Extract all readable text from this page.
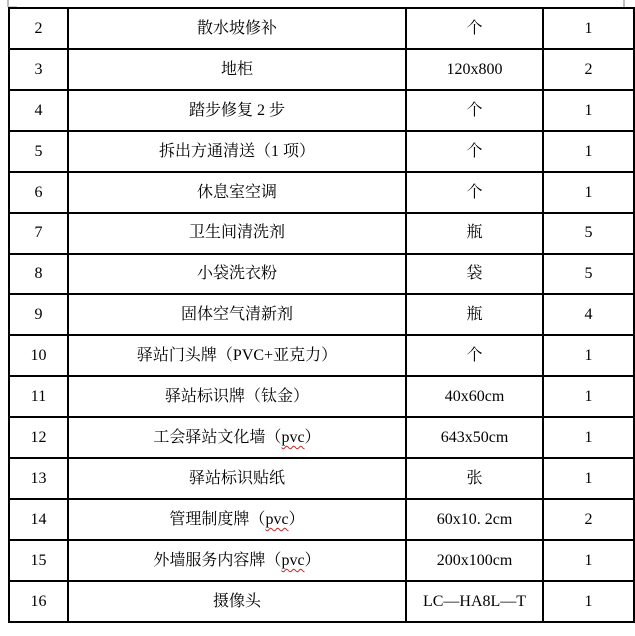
2	散水坡修补	个	1
3	地柜	120x800	2
4	踏步修复 2 步	个	1
5	拆出方通清送（1 项）	个	1
6	休息室空调	个	1
7	卫生间清洗剂	瓶	5
8	小袋洗衣粉	袋	5
9	固体空气清新剂	瓶	4
10	驿站门头牌（PVC+亚克力）	个	1
11	驿站标识牌（钛金）	40x60cm	1
12	工会驿站文化墙（pvc）	643x50cm	1
13	驿站标识贴纸	张	1
14	管理制度牌（pvc）	60x10. 2cm	2
15	外墙服务内容牌（pvc）	200x100cm	1
16	摄像头	LC—HA8L—T	1
